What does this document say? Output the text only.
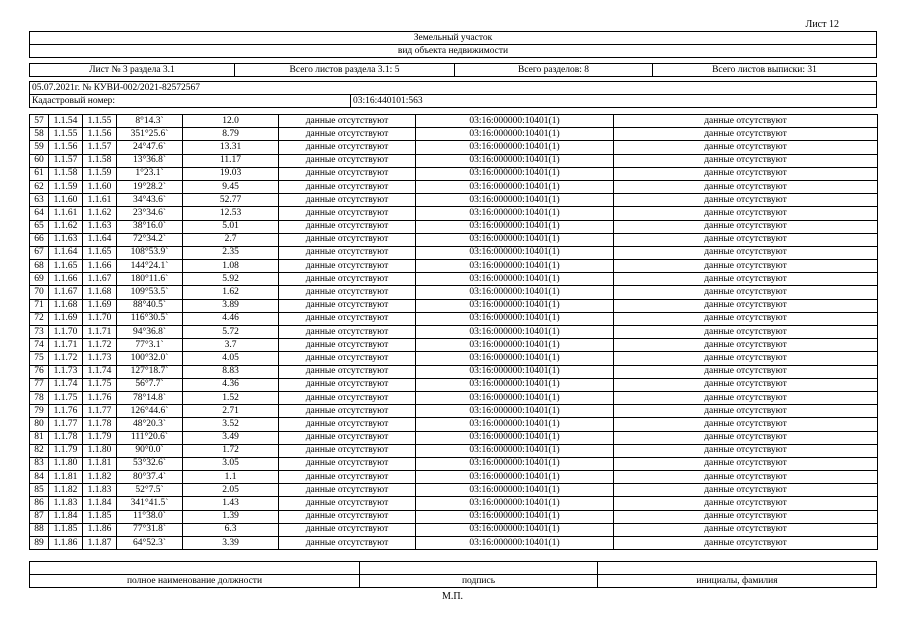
Лист 12
Земельный участок
вид объекта недвижимости
Лист № 3 раздела 3.1	Всего листов раздела 3.1: 5	Всего разделов: 8	Всего листов выписки: 31
05.07.2021г. № КУВИ-002/2021-82572567
Кадастровый номер:	03:16:440101:563
57	1.1.54	1.1.55	8°14.3`	12.0	данные отсутствуют	03:16:000000:10401(1)	данные отсутствуют
58	1.1.55	1.1.56	351°25.6`	8.79	данные отсутствуют	03:16:000000:10401(1)	данные отсутствуют
59	1.1.56	1.1.57	24°47.6`	13.31	данные отсутствуют	03:16:000000:10401(1)	данные отсутствуют
60	1.1.57	1.1.58	13°36.8`	11.17	данные отсутствуют	03:16:000000:10401(1)	данные отсутствуют
61	1.1.58	1.1.59	1°23.1`	19.03	данные отсутствуют	03:16:000000:10401(1)	данные отсутствуют
62	1.1.59	1.1.60	19°28.2`	9.45	данные отсутствуют	03:16:000000:10401(1)	данные отсутствуют
63	1.1.60	1.1.61	34°43.6`	52.77	данные отсутствуют	03:16:000000:10401(1)	данные отсутствуют
64	1.1.61	1.1.62	23°34.6`	12.53	данные отсутствуют	03:16:000000:10401(1)	данные отсутствуют
65	1.1.62	1.1.63	38°16.0`	5.01	данные отсутствуют	03:16:000000:10401(1)	данные отсутствуют
66	1.1.63	1.1.64	72°34.2`	2.7	данные отсутствуют	03:16:000000:10401(1)	данные отсутствуют
67	1.1.64	1.1.65	108°53.9`	2.35	данные отсутствуют	03:16:000000:10401(1)	данные отсутствуют
68	1.1.65	1.1.66	144°24.1`	1.08	данные отсутствуют	03:16:000000:10401(1)	данные отсутствуют
69	1.1.66	1.1.67	180°11.6`	5.92	данные отсутствуют	03:16:000000:10401(1)	данные отсутствуют
70	1.1.67	1.1.68	109°53.5`	1.62	данные отсутствуют	03:16:000000:10401(1)	данные отсутствуют
71	1.1.68	1.1.69	88°40.5`	3.89	данные отсутствуют	03:16:000000:10401(1)	данные отсутствуют
72	1.1.69	1.1.70	116°30.5`	4.46	данные отсутствуют	03:16:000000:10401(1)	данные отсутствуют
73	1.1.70	1.1.71	94°36.8`	5.72	данные отсутствуют	03:16:000000:10401(1)	данные отсутствуют
74	1.1.71	1.1.72	77°3.1`	3.7	данные отсутствуют	03:16:000000:10401(1)	данные отсутствуют
75	1.1.72	1.1.73	100°32.0`	4.05	данные отсутствуют	03:16:000000:10401(1)	данные отсутствуют
76	1.1.73	1.1.74	127°18.7`	8.83	данные отсутствуют	03:16:000000:10401(1)	данные отсутствуют
77	1.1.74	1.1.75	56°7.7`	4.36	данные отсутствуют	03:16:000000:10401(1)	данные отсутствуют
78	1.1.75	1.1.76	78°14.8`	1.52	данные отсутствуют	03:16:000000:10401(1)	данные отсутствуют
79	1.1.76	1.1.77	126°44.6`	2.71	данные отсутствуют	03:16:000000:10401(1)	данные отсутствуют
80	1.1.77	1.1.78	48°20.3`	3.52	данные отсутствуют	03:16:000000:10401(1)	данные отсутствуют
81	1.1.78	1.1.79	111°20.6`	3.49	данные отсутствуют	03:16:000000:10401(1)	данные отсутствуют
82	1.1.79	1.1.80	90°0.0`	1.72	данные отсутствуют	03:16:000000:10401(1)	данные отсутствуют
83	1.1.80	1.1.81	53°32.6`	3.05	данные отсутствуют	03:16:000000:10401(1)	данные отсутствуют
84	1.1.81	1.1.82	80°37.4`	1.1	данные отсутствуют	03:16:000000:10401(1)	данные отсутствуют
85	1.1.82	1.1.83	52°7.5`	2.05	данные отсутствуют	03:16:000000:10401(1)	данные отсутствуют
86	1.1.83	1.1.84	341°41.5`	1.43	данные отсутствуют	03:16:000000:10401(1)	данные отсутствуют
87	1.1.84	1.1.85	11°38.0`	1.39	данные отсутствуют	03:16:000000:10401(1)	данные отсутствуют
88	1.1.85	1.1.86	77°31.8`	6.3	данные отсутствуют	03:16:000000:10401(1)	данные отсутствуют
89	1.1.86	1.1.87	64°52.3`	3.39	данные отсутствуют	03:16:000000:10401(1)	данные отсутствуют
полное наименование должности	подпись	инициалы, фамилия
М.П.
